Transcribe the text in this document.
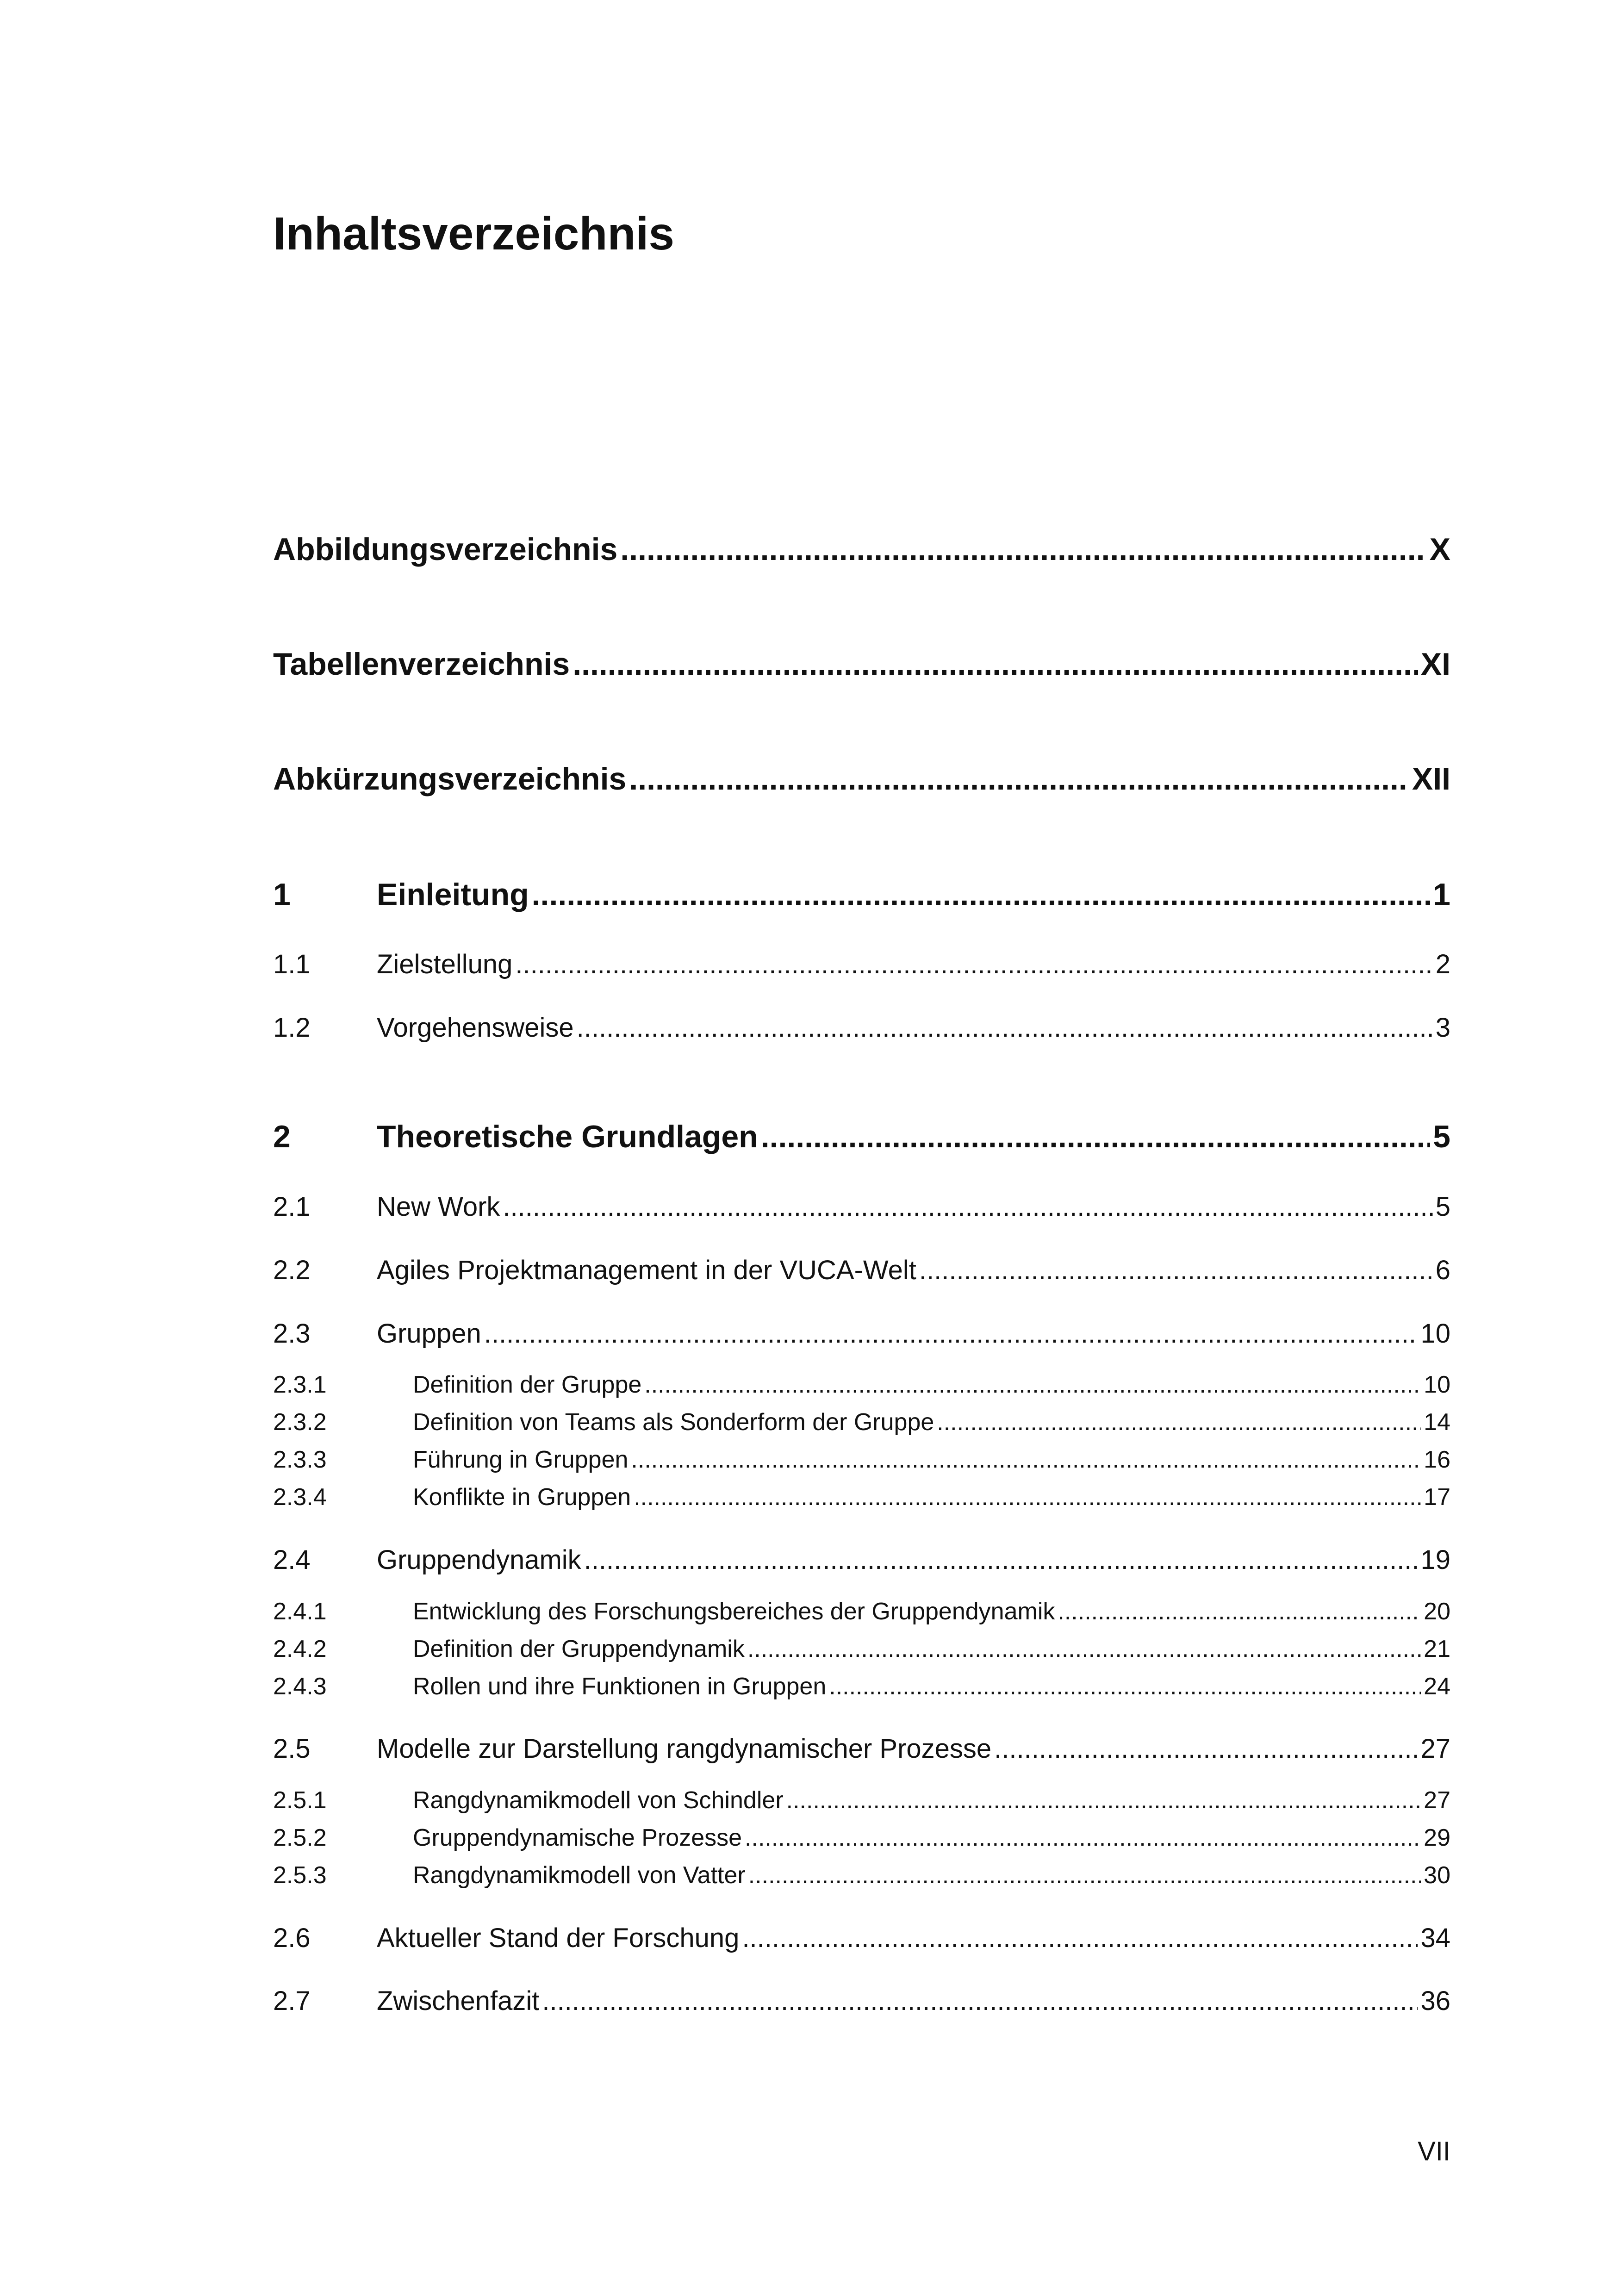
Inhaltsverzeichnis
Abbildungsverzeichnis .....	X
Tabellenverzeichnis .....	XI
Abkürzungsverzeichnis .....	XII
1	Einleitung .....	1
1.1	Zielstellung .....	2
1.2	Vorgehensweise .....	3
2	Theoretische Grundlagen .....	5
2.1	New Work .....	5
2.2	Agiles Projektmanagement in der VUCA-Welt .....	6
2.3	Gruppen .....	10
2.3.1	Definition der Gruppe .....	10
2.3.2	Definition von Teams als Sonderform der Gruppe .....	14
2.3.3	Führung in Gruppen .....	16
2.3.4	Konflikte in Gruppen .....	17
2.4	Gruppendynamik .....	19
2.4.1	Entwicklung des Forschungsbereiches der Gruppendynamik .....	20
2.4.2	Definition der Gruppendynamik .....	21
2.4.3	Rollen und ihre Funktionen in Gruppen .....	24
2.5	Modelle zur Darstellung rangdynamischer Prozesse .....	27
2.5.1	Rangdynamikmodell von Schindler .....	27
2.5.2	Gruppendynamische Prozesse .....	29
2.5.3	Rangdynamikmodell von Vatter .....	30
2.6	Aktueller Stand der Forschung .....	34
2.7	Zwischenfazit .....	36
VII
